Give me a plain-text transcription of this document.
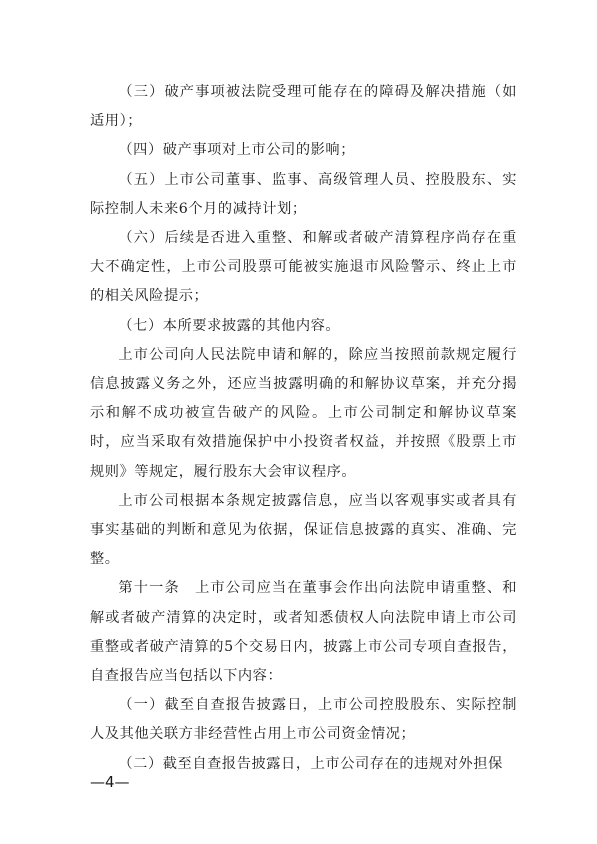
（三）破产事项被法院受理可能存在的障碍及解决措施（如适用）；

（四）破产事项对上市公司的影响；

（五）上市公司董事、监事、高级管理人员、控股股东、实际控制人未来6个月的减持计划；

（六）后续是否进入重整、和解或者破产清算程序尚存在重大不确定性，上市公司股票可能被实施退市风险警示、终止上市的相关风险提示；

（七）本所要求披露的其他内容。

上市公司向人民法院申请和解的，除应当按照前款规定履行信息披露义务之外，还应当披露明确的和解协议草案，并充分揭示和解不成功被宣告破产的风险。上市公司制定和解协议草案时，应当采取有效措施保护中小投资者权益，并按照《股票上市规则》等规定，履行股东大会审议程序。

上市公司根据本条规定披露信息，应当以客观事实或者具有事实基础的判断和意见为依据，保证信息披露的真实、准确、完整。

第十一条　上市公司应当在董事会作出向法院申请重整、和解或者破产清算的决定时，或者知悉债权人向法院申请上市公司重整或者破产清算的5个交易日内，披露上市公司专项自查报告，自查报告应当包括以下内容：

（一）截至自查报告披露日，上市公司控股股东、实际控制人及其他关联方非经营性占用上市公司资金情况；

（二）截至自查报告披露日，上市公司存在的违规对外担保

—4—
